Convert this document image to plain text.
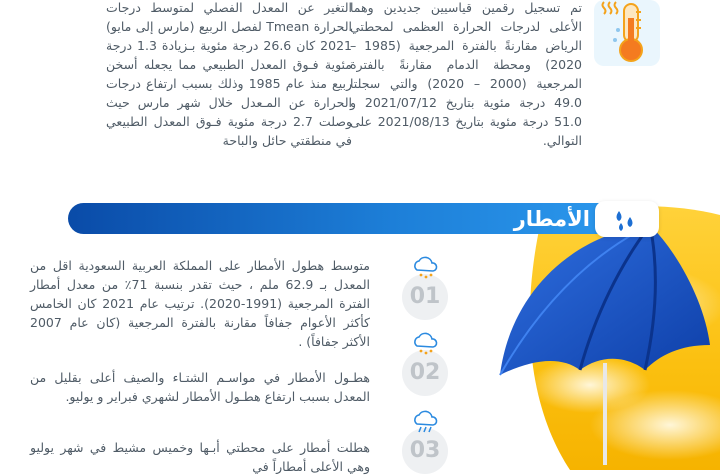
التغير عن المعدل الفصلي لمتوسط درجات الحرارة Tmean لفصل الربيع (مارس إلى مايو) 2021 كان 26.6 درجة مئوية بـزيادة 1.3 درجة مئوية فـوق المعدل الطبيعي مما يجعله أسخن ربيع منذ عام 1985 وذلك بسبب ارتفاع درجات الحرارة عن المـعدل خلال شهر مارس حيث وصلت 2.7 درجة مئوية فـوق المعدل الطبيعي في منطقتي حائل والباحة

تم تسجيل رقمين قياسيين جديدين وهما الأعلى لدرجات الحرارة العظمى لمحطتي الرياض مقارنةً بالفترة المرجعية (1985 – 2020) ومحطة الدمام مقارنةً بالفترة المرجعية (2000 – 2020) والتي سجلتا 49.0 درجة مئوية بتاريخ 2021/07/12 و 51.0 درجة مئوية بتاريخ 2021/08/13 على التوالي.

الأمطار

متوسط هطول الأمطار على المملكة العربية السعودية اقل من المعدل بـ 62.9 ملم ، حيث تقدر بنسبة 71٪ من معدل أمطار الفترة المرجعية (1991-2020). ترتيب عام 2021 كان الخامس كأكثر الأعوام جفافاً مقارنة بالفترة المرجعية (كان عام 2007 الأكثر جفافاً) .

هطـول الأمطار في مواسـم الشتـاء والصيف أعلى بقليل من المعدل بسبب ارتفاع هطـول الأمطار لشهري فبراير و يوليو.

هطلت أمطار على محطتي أبـها وخميس مشيط في شهر يوليو وهي الأعلى أمطاراً في

01
02
03
